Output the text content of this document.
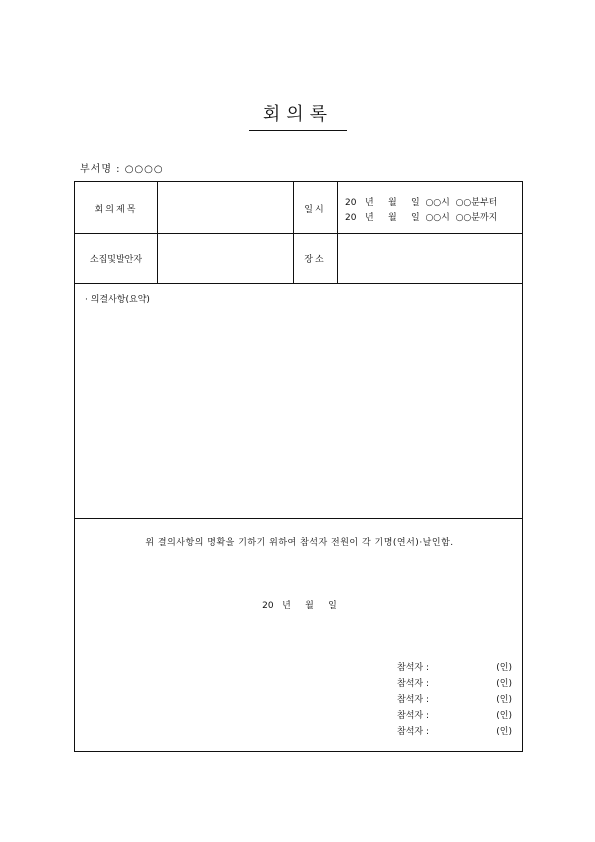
회의록
부서명 : ○○○○
회의제목	일시
20   년     월     일  ○○시  ○○분부터
20   년     월     일  ○○시  ○○분까지
소집및발안자	장소
· 의결사항(요약)
위 결의사항의 명확을 기하기 위하여 참석자 전원이 각 기명(연서)·날인함.
20   년     월     일
참석자 :	(인)
참석자 :	(인)
참석자 :	(인)
참석자 :	(인)
참석자 :	(인)
